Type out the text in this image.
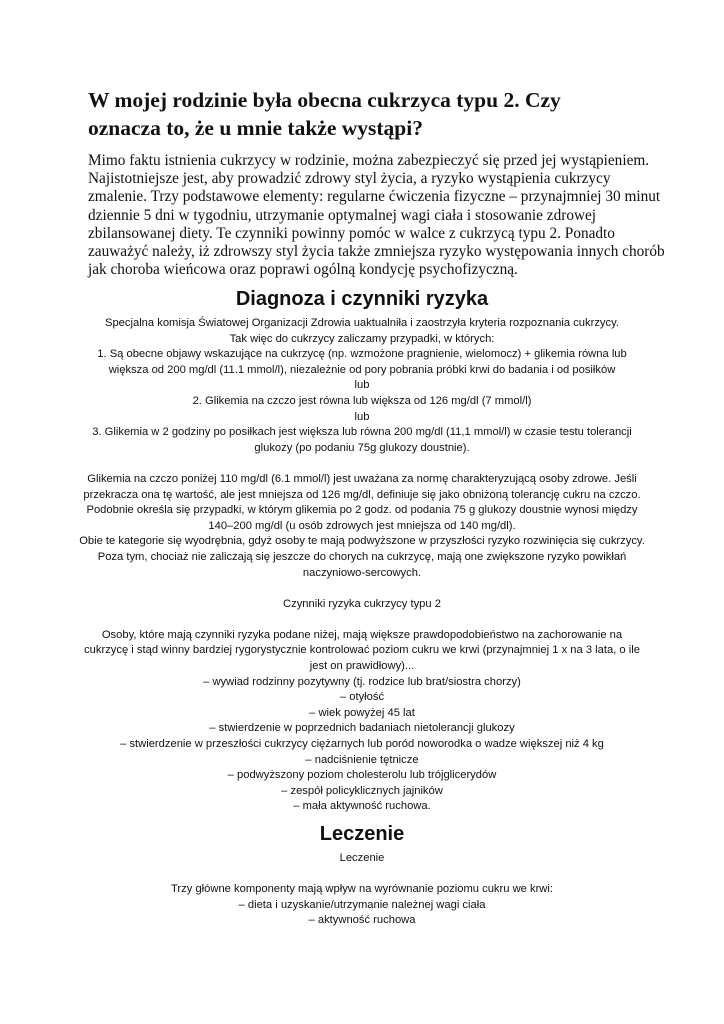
W mojej rodzinie była obecna cukrzyca typu 2. Czy
oznacza to, że u mnie także wystąpi?
Mimo faktu istnienia cukrzycy w rodzinie, można zabezpieczyć się przed jej wystąpieniem.
Najistotniejsze jest, aby prowadzić zdrowy styl życia, a ryzyko wystąpienia cukrzycy
zmalenie. Trzy podstawowe elementy: regularne ćwiczenia fizyczne – przynajmniej 30 minut
dziennie 5 dni w tygodniu, utrzymanie optymalnej wagi ciała i stosowanie zdrowej
zbilansowanej diety. Te czynniki powinny pomóc w walce z cukrzycą typu 2. Ponadto
zauważyć należy, iż zdrowszy styl życia także zmniejsza ryzyko występowania innych chorób
jak choroba wieńcowa oraz poprawi ogólną kondycję psychofizyczną.
Diagnoza i czynniki ryzyka
Specjalna komisja Światowej Organizacji Zdrowia uaktualniła i zaostrzyła kryteria rozpoznania cukrzycy.
Tak więc do cukrzycy zaliczamy przypadki, w których:
1. Są obecne objawy wskazujące na cukrzycę (np. wzmożone pragnienie, wielomocz) + glikemia równa lub
większa od 200 mg/dl (11.1 mmol/l), niezależnie od pory pobrania próbki krwi do badania i od posiłków
lub
2. Glikemia na czczo jest równa lub większa od 126 mg/dl (7 mmol/l)
lub
3. Glikemia w 2 godziny po posiłkach jest większa lub równa 200 mg/dl (11,1 mmol/l) w czasie testu tolerancji
glukozy (po podaniu 75g glukozy doustnie).
Glikemia na czczo poniżej 110 mg/dl (6.1 mmol/l) jest uważana za normę charakteryzującą osoby zdrowe. Jeśli
przekracza ona tę wartość, ale jest mniejsza od 126 mg/dl, definiuje się jako obniżoną tolerancję cukru na czczo.
Podobnie określa się przypadki, w którym glikemia po 2 godz. od podania 75 g glukozy doustnie wynosi między
140–200 mg/dl (u osób zdrowych jest mniejsza od 140 mg/dl).
Obie te kategorie się wyodrębnia, gdyż osoby te mają podwyższone w przyszłości ryzyko rozwinięcia się cukrzycy.
Poza tym, chociaż nie zaliczają się jeszcze do chorych na cukrzycę, mają one zwiększone ryzyko powikłań
naczyniowo-sercowych.
Czynniki ryzyka cukrzycy typu 2
Osoby, które mają czynniki ryzyka podane niżej, mają większe prawdopodobieństwo na zachorowanie na
cukrzycę i stąd winny bardziej rygorystycznie kontrolować poziom cukru we krwi (przynajmniej 1 x na 3 lata, o ile
jest on prawidłowy)...
– wywiad rodzinny pozytywny (tj. rodzice lub brat/siostra chorzy)
– otyłość
– wiek powyżej 45 lat
– stwierdzenie w poprzednich badaniach nietolerancji glukozy
– stwierdzenie w przeszłości cukrzycy ciężarnych lub poród noworodka o wadze większej niż 4 kg
– nadciśnienie tętnicze
– podwyższony poziom cholesterolu lub trójglicerydów
– zespół policyklicznych jajników
– mała aktywność ruchowa.
Leczenie
Leczenie
Trzy główne komponenty mają wpływ na wyrównanie poziomu cukru we krwi:
– dieta i uzyskanie/utrzymanie należnej wagi ciała
– aktywność ruchowa
